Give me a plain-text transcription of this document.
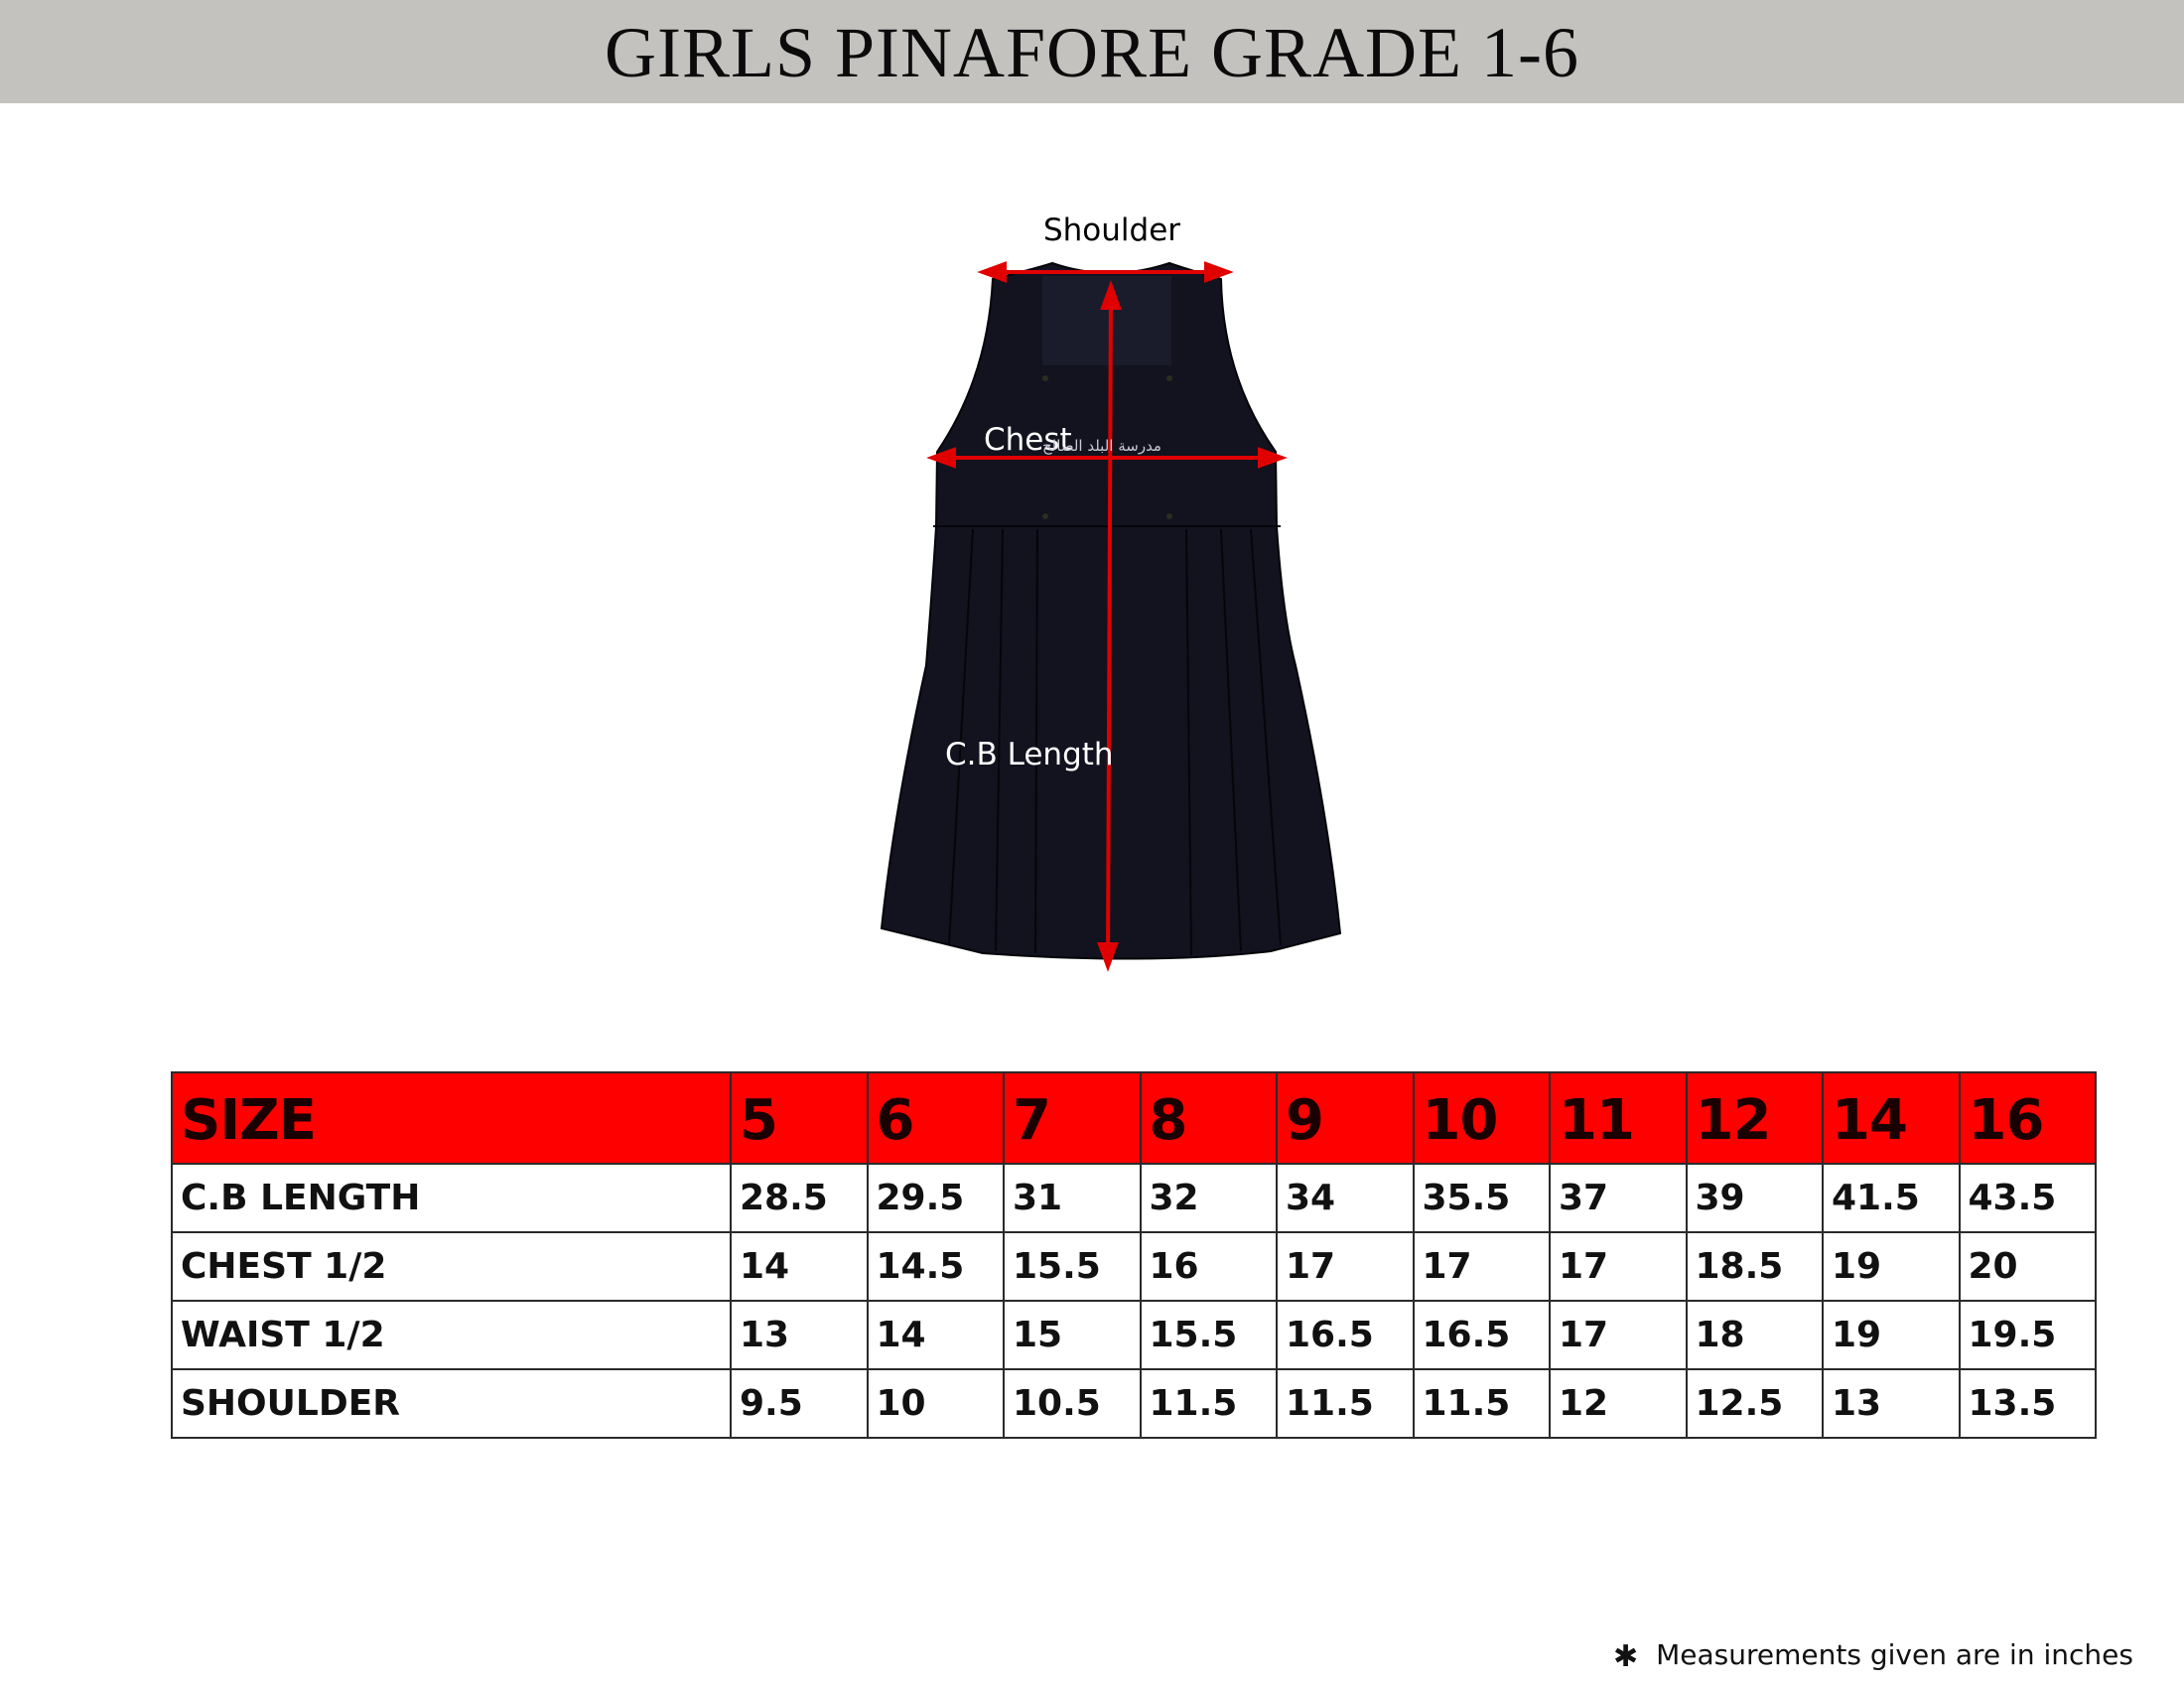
GIRLS PINAFORE GRADE 1-6
Shoulder
Chest
مدرسة البلد الصالح
C.B Length
SIZE	5	6	7	8	9	10	11	12	14	16
C.B LENGTH	28.5	29.5	31	32	34	35.5	37	39	41.5	43.5
CHEST 1/2	14	14.5	15.5	16	17	17	17	18.5	19	20
WAIST 1/2	13	14	15	15.5	16.5	16.5	17	18	19	19.5
SHOULDER	9.5	10	10.5	11.5	11.5	11.5	12	12.5	13	13.5
✱ Measurements given are in inches
